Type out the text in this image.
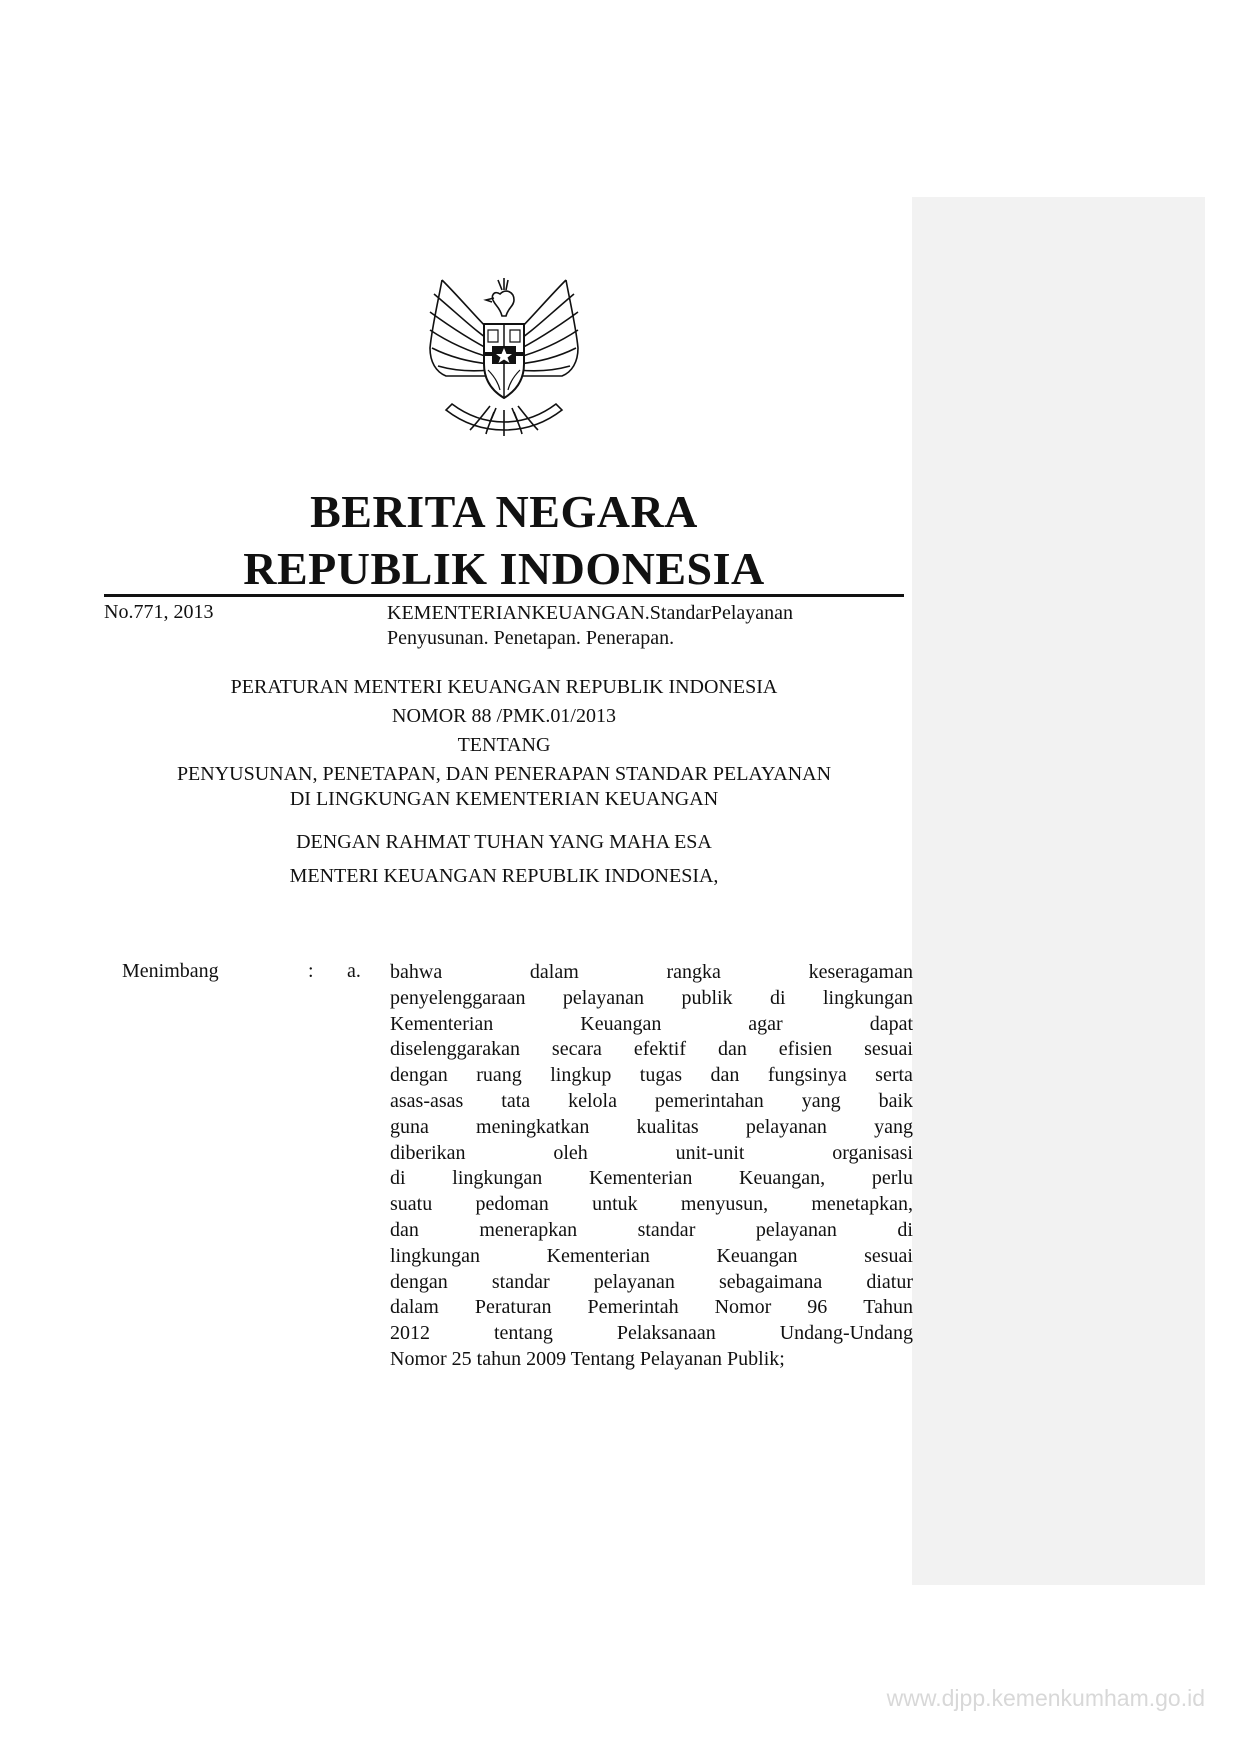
BERITA NEGARA
REPUBLIK INDONESIA
No.771, 2013	KEMENTERIANKEUANGAN.StandarPelayanan
Penyusunan. Penetapan. Penerapan.
PERATURAN MENTERI KEUANGAN REPUBLIK INDONESIA
NOMOR 88 /PMK.01/2013
TENTANG
PENYUSUNAN, PENETAPAN, DAN PENERAPAN STANDAR PELAYANAN
DI LINGKUNGAN KEMENTERIAN KEUANGAN
DENGAN RAHMAT TUHAN YANG MAHA ESA
MENTERI KEUANGAN REPUBLIK INDONESIA,
Menimbang	: a. bahwa	dalam	rangka	keseragaman
penyelenggaraan pelayanan publik di lingkungan
Kementerian	Keuangan	agar	dapat
diselenggarakan secara efektif dan efisien sesuai
dengan ruang lingkup tugas dan fungsinya serta
asas-asas tata kelola pemerintahan yang baik
guna meningkatkan kualitas pelayanan yang
diberikan	oleh	unit-unit	organisasi
di lingkungan Kementerian Keuangan, perlu
suatu pedoman untuk menyusun, menetapkan,
dan	menerapkan	standar	pelayanan	di
lingkungan	Kementerian	Keuangan	sesuai
dengan standar pelayanan sebagaimana diatur
dalam Peraturan Pemerintah Nomor 96 Tahun
2012	tentang	Pelaksanaan	Undang-Undang
Nomor 25 tahun 2009 Tentang Pelayanan Publik;
www.djpp.kemenkumham.go.id
